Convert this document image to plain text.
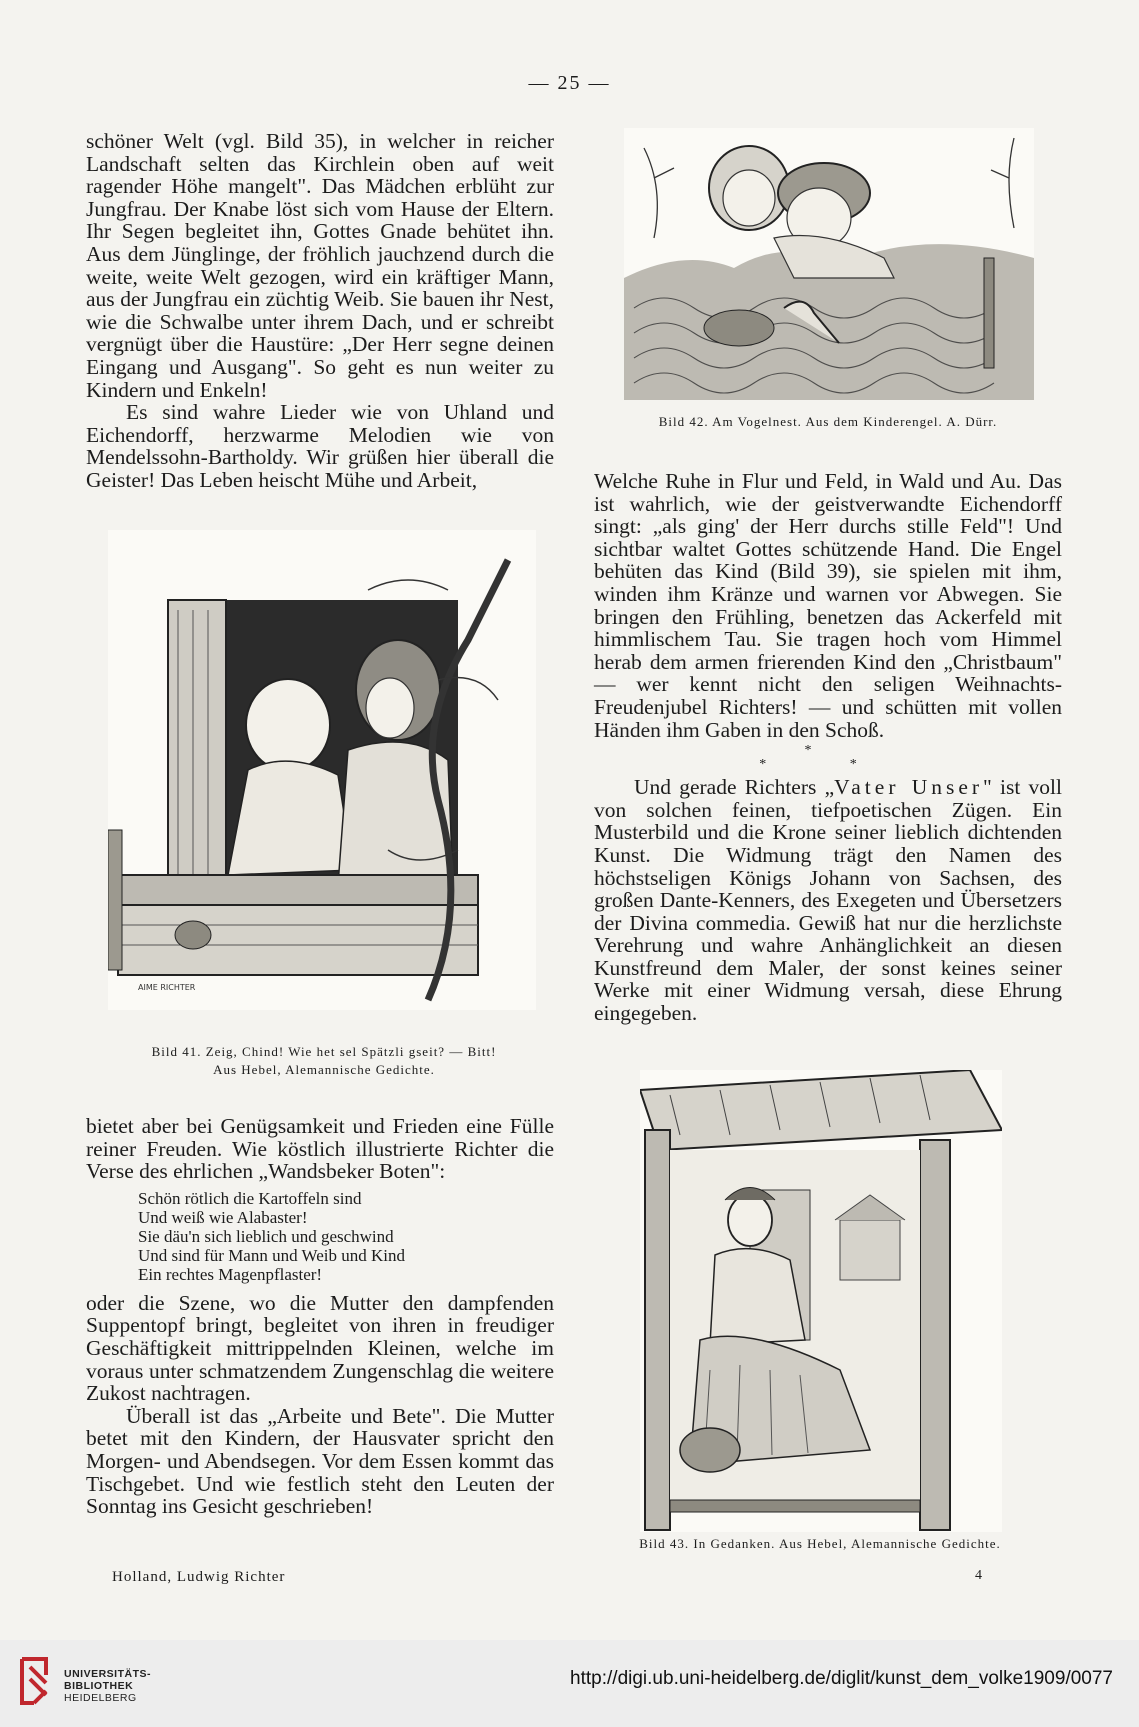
— 25 —

schöner Welt (vgl. Bild 35), in welcher in reicher Landschaft selten das Kirchlein oben auf weit ragender Höhe mangelt". Das Mädchen erblüht zur Jungfrau. Der Knabe löst sich vom Hause der Eltern. Ihr Segen begleitet ihn, Gottes Gnade behütet ihn. Aus dem Jünglinge, der fröhlich jauchzend durch die weite, weite Welt gezogen, wird ein kräftiger Mann, aus der Jungfrau ein züchtig Weib. Sie bauen ihr Nest, wie die Schwalbe unter ihrem Dach, und er schreibt vergnügt über die Haustüre: „Der Herr segne deinen Eingang und Ausgang". So geht es nun weiter zu Kindern und Enkeln!

Es sind wahre Lieder wie von Uhland und Eichendorff, herzwarme Melodien wie von Mendelssohn-Bartholdy. Wir grüßen hier überall die Geister! Das Leben heischt Mühe und Arbeit,

Bild 42. Am Vogelnest. Aus dem Kinderengel. A. Dürr.

Welche Ruhe in Flur und Feld, in Wald und Au. Das ist wahrlich, wie der geistverwandte Eichendorff singt: „als ging' der Herr durchs stille Feld"! Und sichtbar waltet Gottes schützende Hand. Die Engel behüten das Kind (Bild 39), sie spielen mit ihm, winden ihm Kränze und warnen vor Abwegen. Sie bringen den Frühling, benetzen das Ackerfeld mit himmlischem Tau. Sie tragen hoch vom Himmel herab dem armen frierenden Kind den „Christbaum" — wer kennt nicht den seligen Weihnachts-Freudenjubel Richters! — und schütten mit vollen Händen ihm Gaben in den Schoß.

*
* *

Und gerade Richters „Vater Unser" ist voll von solchen feinen, tiefpoetischen Zügen. Ein Musterbild und die Krone seiner lieblich dichtenden Kunst. Die Widmung trägt den Namen des höchstseligen Königs Johann von Sachsen, des großen Dante-Kenners, des Exegeten und Übersetzers der Divina commedia. Gewiß hat nur die herzlichste Verehrung und wahre Anhänglichkeit an diesen Kunstfreund dem Maler, der sonst keines seiner Werke mit einer Widmung versah, diese Ehrung eingegeben.

AIME RICHTER
Bild 41. Zeig, Chind! Wie het sel Spätzli gseit? — Bitt!
Aus Hebel, Alemannische Gedichte.

bietet aber bei Genügsamkeit und Frieden eine Fülle reiner Freuden. Wie köstlich illustrierte Richter die Verse des ehrlichen „Wandsbeker Boten":

Schön rötlich die Kartoffeln sind
Und weiß wie Alabaster!
Sie däu'n sich lieblich und geschwind
Und sind für Mann und Weib und Kind
Ein rechtes Magenpflaster!

oder die Szene, wo die Mutter den dampfenden Suppentopf bringt, begleitet von ihren in freudiger Geschäftigkeit mittrippelnden Kleinen, welche im voraus unter schmatzendem Zungenschlag die weitere Zukost nachtragen.

Überall ist das „Arbeite und Bete". Die Mutter betet mit den Kindern, der Hausvater spricht den Morgen- und Abendsegen. Vor dem Essen kommt das Tischgebet. Und wie festlich steht den Leuten der Sonntag ins Gesicht geschrieben!

Bild 43. In Gedanken. Aus Hebel, Alemannische Gedichte.
Holland, Ludwig Richter	4
UNIVERSITÄTS-
BIBLIOTHEK
HEIDELBERG
http://digi.ub.uni-heidelberg.de/diglit/kunst_dem_volke1909/0077
